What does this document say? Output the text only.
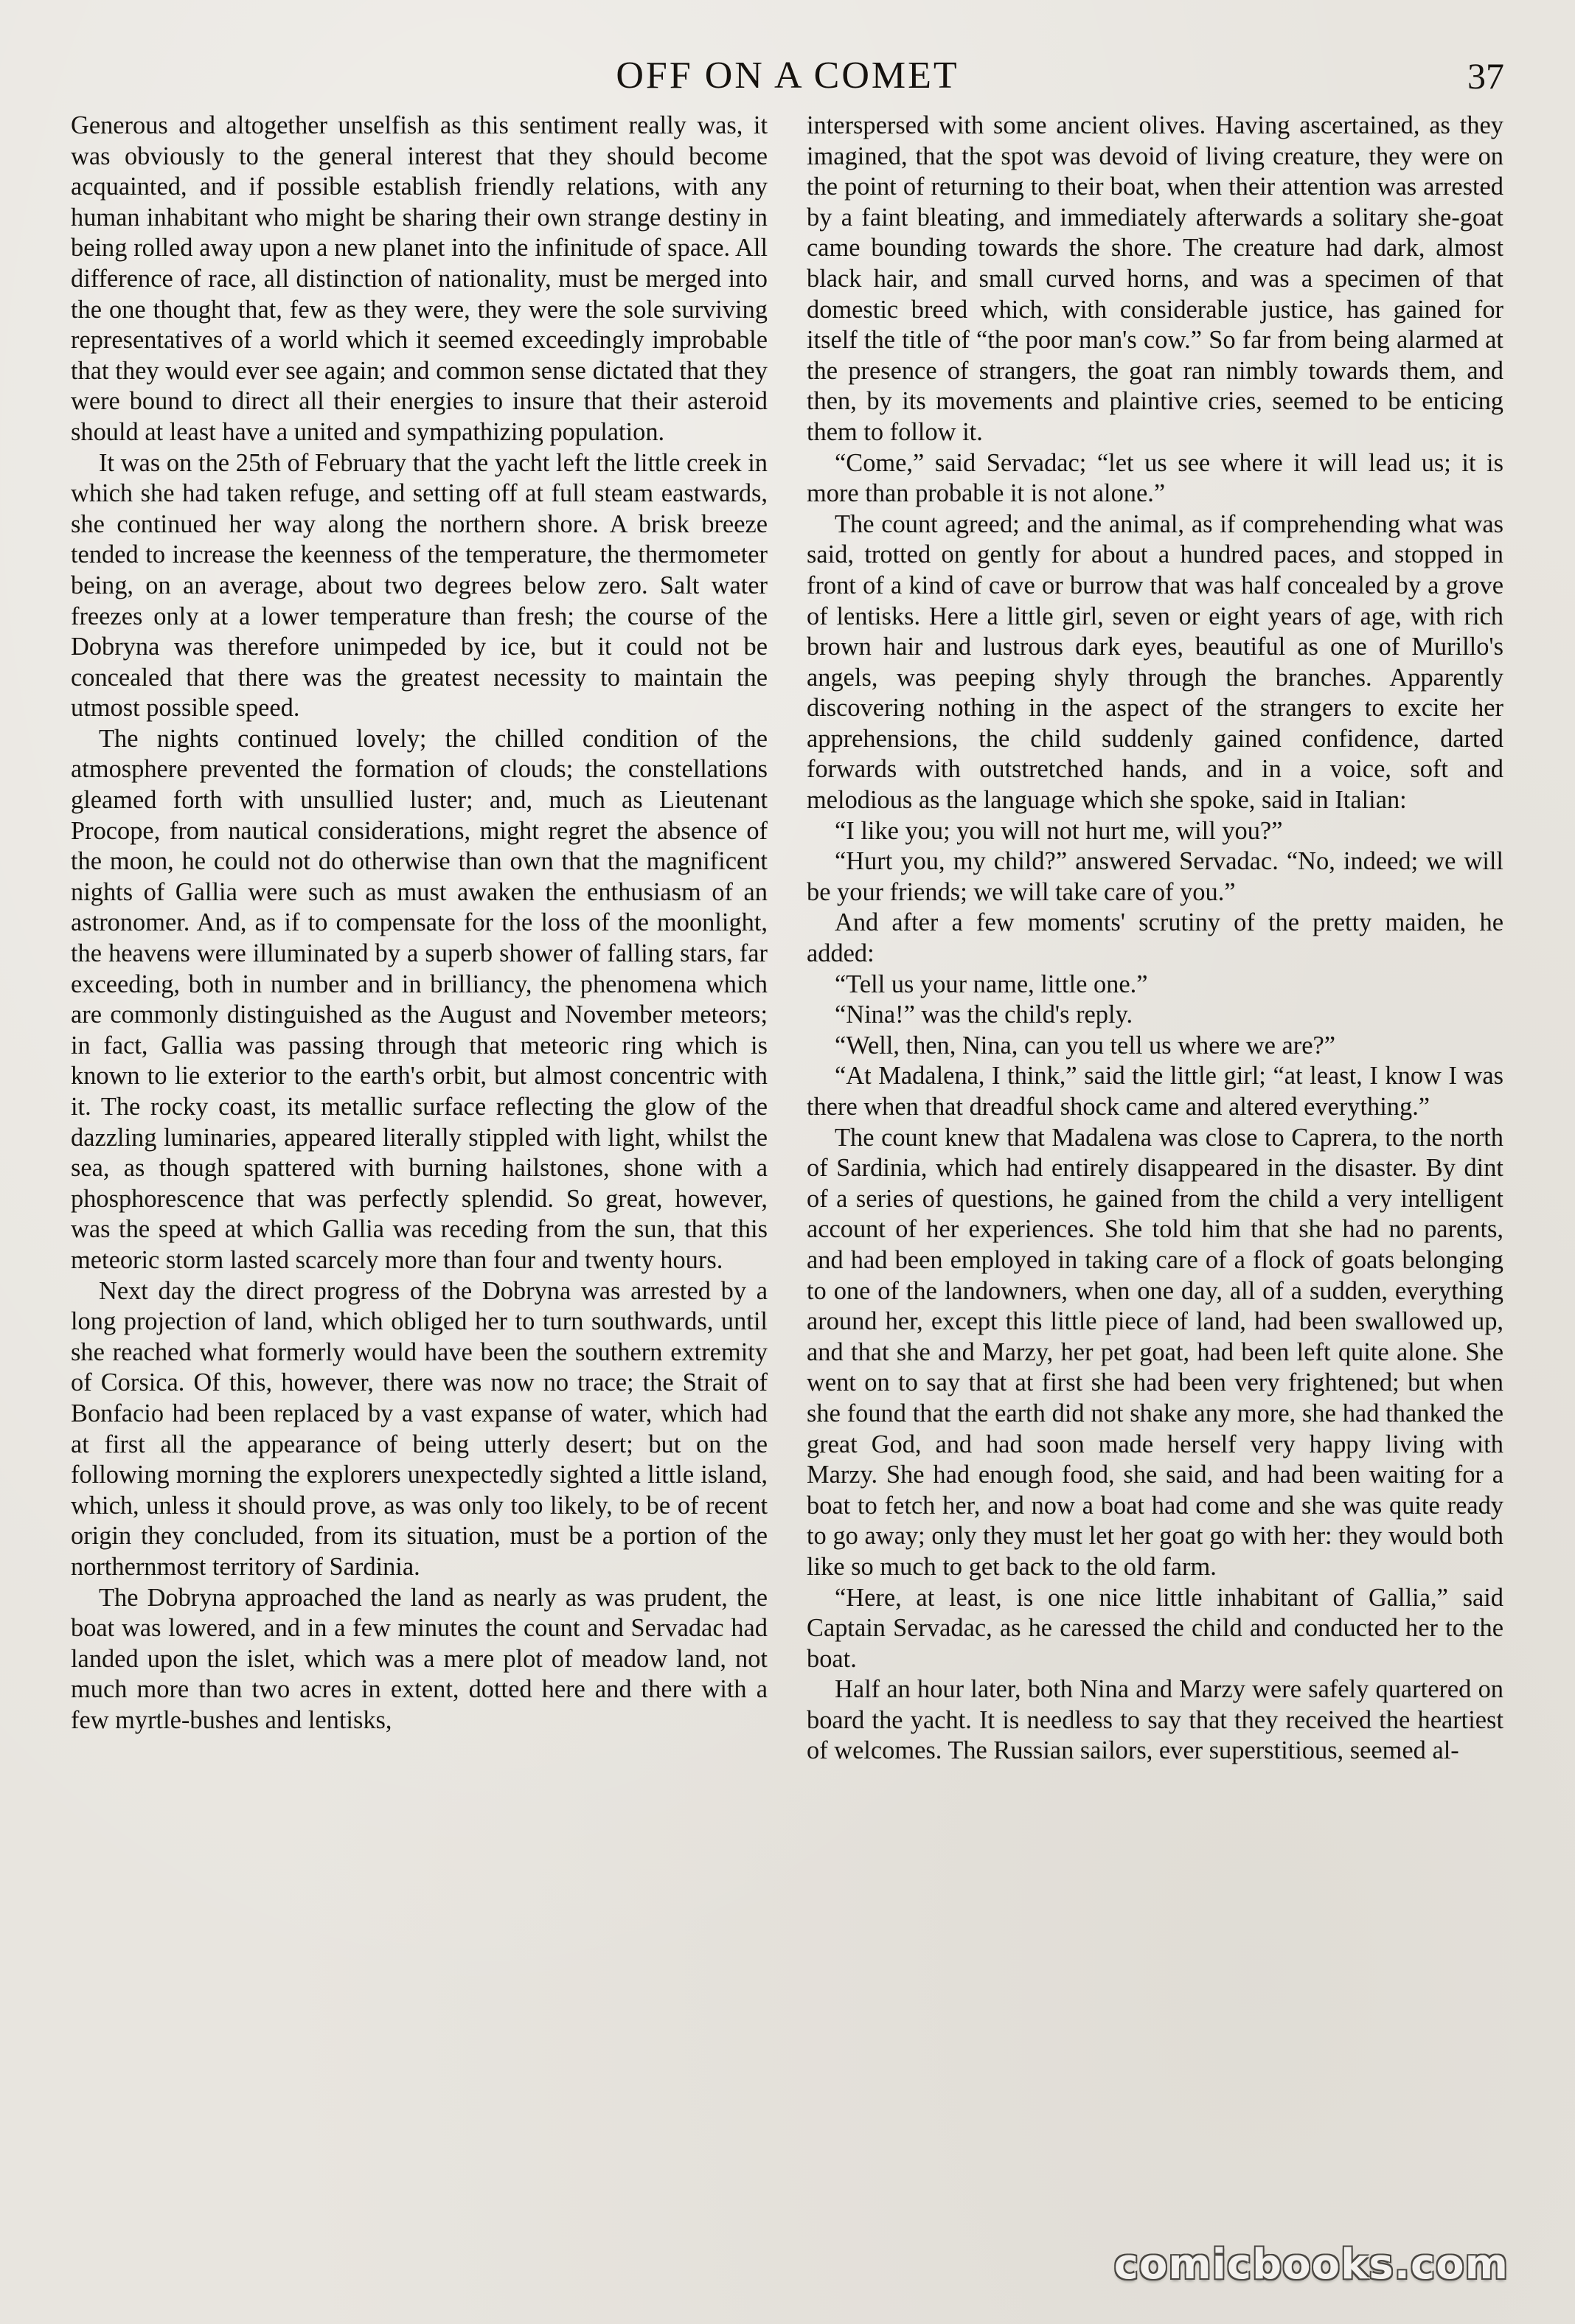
OFF ON A COMET	37

Generous and altogether unselfish as this sentiment really was, it was obviously to the general interest that they should become acquainted, and if possible establish friendly relations, with any human inhabitant who might be sharing their own strange destiny in being rolled away upon a new planet into the infinitude of space. All difference of race, all distinction of nationality, must be merged into the one thought that, few as they were, they were the sole surviving representatives of a world which it seemed exceedingly improbable that they would ever see again; and common sense dictated that they were bound to direct all their energies to insure that their asteroid should at least have a united and sympathizing population.

It was on the 25th of February that the yacht left the little creek in which she had taken refuge, and setting off at full steam eastwards, she continued her way along the northern shore. A brisk breeze tended to increase the keenness of the temperature, the thermometer being, on an average, about two degrees below zero. Salt water freezes only at a lower temperature than fresh; the course of the Dobryna was therefore unimpeded by ice, but it could not be concealed that there was the greatest necessity to maintain the utmost possible speed.

The nights continued lovely; the chilled condition of the atmosphere prevented the formation of clouds; the constellations gleamed forth with unsullied luster; and, much as Lieutenant Procope, from nautical considerations, might regret the absence of the moon, he could not do otherwise than own that the magnificent nights of Gallia were such as must awaken the enthusiasm of an astronomer. And, as if to compensate for the loss of the moonlight, the heavens were illuminated by a superb shower of falling stars, far exceeding, both in number and in brilliancy, the phenomena which are commonly distinguished as the August and November meteors; in fact, Gallia was passing through that meteoric ring which is known to lie exterior to the earth's orbit, but almost concentric with it. The rocky coast, its metallic surface reflecting the glow of the dazzling luminaries, appeared literally stippled with light, whilst the sea, as though spattered with burning hailstones, shone with a phosphorescence that was perfectly splendid. So great, however, was the speed at which Gallia was receding from the sun, that this meteoric storm lasted scarcely more than four and twenty hours.

Next day the direct progress of the Dobryna was arrested by a long projection of land, which obliged her to turn southwards, until she reached what formerly would have been the southern extremity of Corsica. Of this, however, there was now no trace; the Strait of Bonfacio had been replaced by a vast expanse of water, which had at first all the appearance of being utterly desert; but on the following morning the explorers unexpectedly sighted a little island, which, unless it should prove, as was only too likely, to be of recent origin they concluded, from its situation, must be a portion of the northernmost territory of Sardinia.

The Dobryna approached the land as nearly as was prudent, the boat was lowered, and in a few minutes the count and Servadac had landed upon the islet, which was a mere plot of meadow land, not much more than two acres in extent, dotted here and there with a few myrtle-bushes and lentisks,

interspersed with some ancient olives. Having ascertained, as they imagined, that the spot was devoid of living creature, they were on the point of returning to their boat, when their attention was arrested by a faint bleating, and immediately afterwards a solitary she-goat came bounding towards the shore. The creature had dark, almost black hair, and small curved horns, and was a specimen of that domestic breed which, with considerable justice, has gained for itself the title of “the poor man's cow.” So far from being alarmed at the presence of strangers, the goat ran nimbly towards them, and then, by its movements and plaintive cries, seemed to be enticing them to follow it.

“Come,” said Servadac; “let us see where it will lead us; it is more than probable it is not alone.”

The count agreed; and the animal, as if comprehending what was said, trotted on gently for about a hundred paces, and stopped in front of a kind of cave or burrow that was half concealed by a grove of lentisks. Here a little girl, seven or eight years of age, with rich brown hair and lustrous dark eyes, beautiful as one of Murillo's angels, was peeping shyly through the branches. Apparently discovering nothing in the aspect of the strangers to excite her apprehensions, the child suddenly gained confidence, darted forwards with outstretched hands, and in a voice, soft and melodious as the language which she spoke, said in Italian:

“I like you; you will not hurt me, will you?”

“Hurt you, my child?” answered Servadac. “No, indeed; we will be your friends; we will take care of you.”

And after a few moments' scrutiny of the pretty maiden, he added:

“Tell us your name, little one.”

“Nina!” was the child's reply.

“Well, then, Nina, can you tell us where we are?”

“At Madalena, I think,” said the little girl; “at least, I know I was there when that dreadful shock came and altered everything.”

The count knew that Madalena was close to Caprera, to the north of Sardinia, which had entirely disappeared in the disaster. By dint of a series of questions, he gained from the child a very intelligent account of her experiences. She told him that she had no parents, and had been employed in taking care of a flock of goats belonging to one of the landowners, when one day, all of a sudden, everything around her, except this little piece of land, had been swallowed up, and that she and Marzy, her pet goat, had been left quite alone. She went on to say that at first she had been very frightened; but when she found that the earth did not shake any more, she had thanked the great God, and had soon made herself very happy living with Marzy. She had enough food, she said, and had been waiting for a boat to fetch her, and now a boat had come and she was quite ready to go away; only they must let her goat go with her: they would both like so much to get back to the old farm.

“Here, at least, is one nice little inhabitant of Gallia,” said Captain Servadac, as he caressed the child and conducted her to the boat.

Half an hour later, both Nina and Marzy were safely quartered on board the yacht. It is needless to say that they received the heartiest of welcomes. The Russian sailors, ever superstitious, seemed al-

comicbooks.com
